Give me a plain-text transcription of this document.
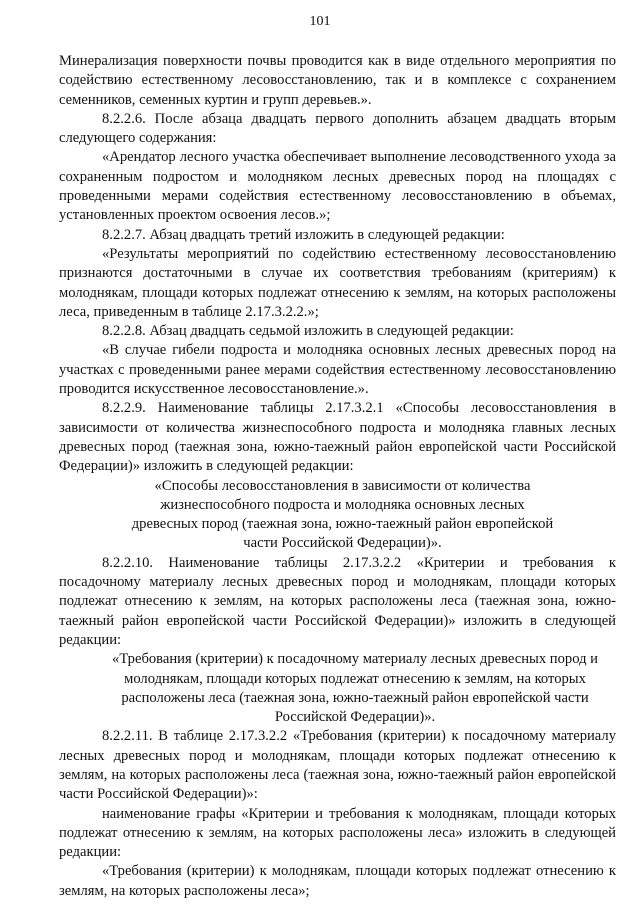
101

Минерализация поверхности почвы проводится как в виде отдельного мероприятия по содействию естественному лесовосстановлению, так и в комплексе с сохранением семенников, семенных куртин и групп деревьев.».

8.2.2.6. После абзаца двадцать первого дополнить абзацем двадцать вторым следующего содержания:

«Арендатор лесного участка обеспечивает выполнение лесоводственного ухода за сохраненным подростом и молодняком лесных древесных пород на площадях с проведенными мерами содействия естественному лесовосстановлению в объемах, установленных проектом освоения лесов.»;

8.2.2.7. Абзац двадцать третий изложить в следующей редакции:

«Результаты мероприятий по содействию естественному лесовосстановлению признаются достаточными в случае их соответствия требованиям (критериям) к молоднякам, площади которых подлежат отнесению к землям, на которых расположены леса, приведенным в таблице 2.17.3.2.2.»;

8.2.2.8. Абзац двадцать седьмой изложить в следующей редакции:

«В случае гибели подроста и молодняка основных лесных древесных пород на участках с проведенными ранее мерами содействия естественному лесовосстановлению проводится искусственное лесовосстановление.».

8.2.2.9. Наименование таблицы 2.17.3.2.1 «Способы лесовосстановления в зависимости от количества жизнеспособного подроста и молодняка главных лесных древесных пород (таежная зона, южно-таежный район европейской части Российской Федерации)» изложить в следующей редакции:

«Способы лесовосстановления в зависимости от количества жизнеспособного подроста и молодняка основных лесных древесных пород (таежная зона, южно-таежный район европейской части Российской Федерации)».

8.2.2.10. Наименование таблицы 2.17.3.2.2 «Критерии и требования к посадочному материалу лесных древесных пород и молоднякам, площади которых подлежат отнесению к землям, на которых расположены леса (таежная зона, южно-таежный район европейской части Российской Федерации)» изложить в следующей редакции:

«Требования (критерии) к посадочному материалу лесных древесных пород и молоднякам, площади которых подлежат отнесению к землям, на которых расположены леса (таежная зона, южно-таежный район европейской части Российской Федерации)».

8.2.2.11. В таблице 2.17.3.2.2 «Требования (критерии) к посадочному материалу лесных древесных пород и молоднякам, площади которых подлежат отнесению к землям, на которых расположены леса (таежная зона, южно-таежный район европейской части Российской Федерации)»:

наименование графы «Критерии и требования к молоднякам, площади которых подлежат отнесению к землям, на которых расположены леса» изложить в следующей редакции:

«Требования (критерии) к молоднякам, площади которых подлежат отнесению к землям, на которых расположены леса»;
